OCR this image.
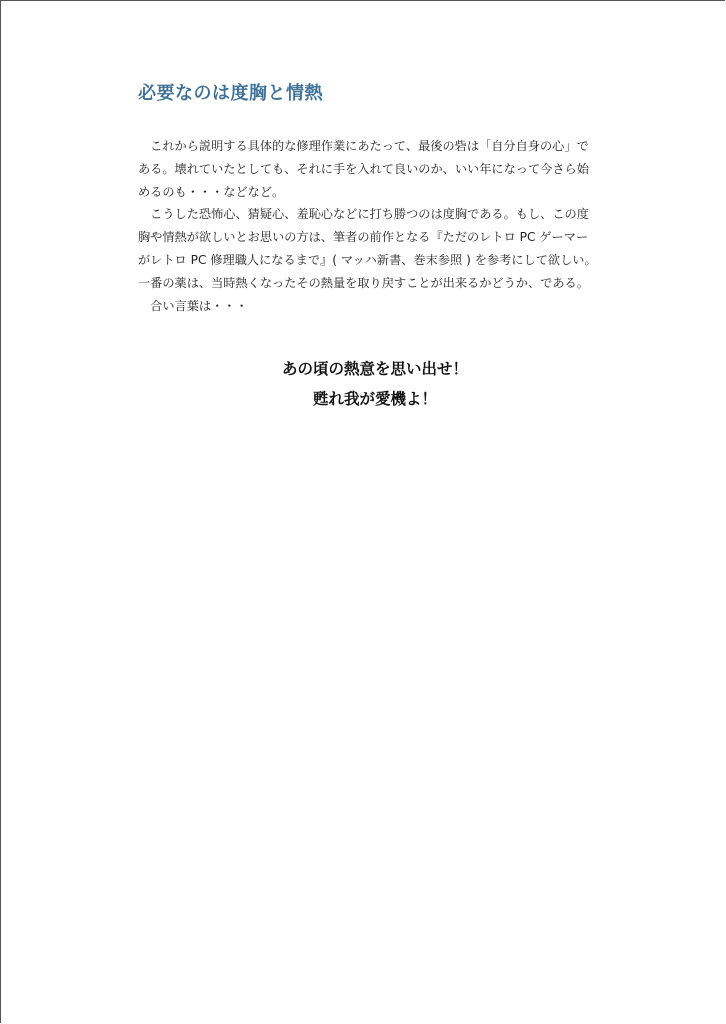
必要なのは度胸と情熱
　これから説明する具体的な修理作業にあたって、最後の砦は「自分自身の心」で
ある。壊れていたとしても、それに手を入れて良いのか、いい年になって今さら始
めるのも・・・などなど。
　こうした恐怖心、猜疑心、羞恥心などに打ち勝つのは度胸である。もし、この度
胸や情熱が欲しいとお思いの方は、筆者の前作となる『ただのレトロ PC ゲーマー
がレトロ PC 修理職人になるまで』( マッハ新書、巻末参照 ) を参考にして欲しい。
一番の薬は、当時熱くなったその熱量を取り戻すことが出来るかどうか、である。
　合い言葉は・・・
あの頃の熱意を思い出せ！
甦れ我が愛機よ！
